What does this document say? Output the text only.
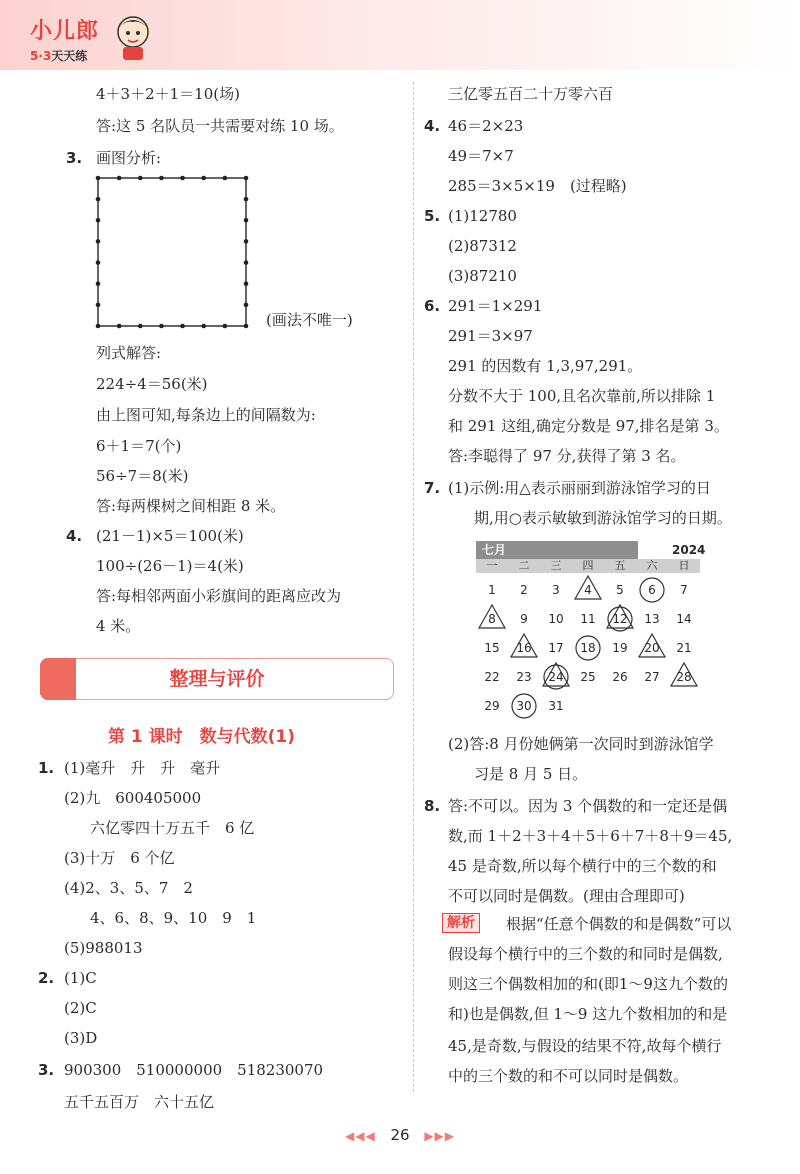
小儿郎
5·3天天练
4＋3＋2＋1＝10(场)
答:这 5 名队员一共需要对练 10 场。
3. 画图分析:
(画法不唯一)
列式解答:
224÷4＝56(米)
由上图可知,每条边上的间隔数为:
6＋1＝7(个)
56÷7＝8(米)
答:每两棵树之间相距 8 米。
4. (21－1)×5＝100(米)
100÷(26－1)＝4(米)
答:每相邻两面小彩旗间的距离应改为
4 米。
整理与评价
第 1 课时　数与代数(1)
1. (1)毫升　升　升　毫升
(2)九　600405000
六亿零四十万五千　6 亿
(3)十万　6 个亿
(4)2、3、5、7　2
4、6、8、9、10　9　1
(5)988013
2. (1)C
(2)C
(3)D
3. 900300　510000000　518230070
五千五百万　六十五亿
三亿零五百二十万零六百
4. 46＝2×23
49＝7×7
285＝3×5×19　(过程略)
5. (1)12780
(2)87312
(3)87210
6. 291＝1×291
291＝3×97
291 的因数有 1,3,97,291。
分数不大于 100,且名次靠前,所以排除 1
和 291 这组,确定分数是 97,排名是第 3。
答:李聪得了 97 分,获得了第 3 名。
7. (1)示例:用△表示丽丽到游泳馆学习的日
期,用○表示敏敏到游泳馆学习的日期。
七月	2024
一	二	三	四	五	六	日
1	2	3	4	5	6	7
8	9	10	11	12	13	14
15	16	17	18	19	20	21
22	23	24	25	26	27	28
29	30	31
(2)答:8 月份她俩第一次同时到游泳馆学
习是 8 月 5 日。
8. 答:不可以。因为 3 个偶数的和一定还是偶
数,而 1＋2＋3＋4＋5＋6＋7＋8＋9＝45,
45 是奇数,所以每个横行中的三个数的和
不可以同时是偶数。(理由合理即可)
解析	根据“任意个偶数的和是偶数”可以
假设每个横行中的三个数的和同时是偶数,
则这三个偶数相加的和(即1～9这九个数的
和)也是偶数,但 1～9 这九个数相加的和是
45,是奇数,与假设的结果不符,故每个横行
中的三个数的和不可以同时是偶数。
◀◀◀ 26 ▶▶▶
